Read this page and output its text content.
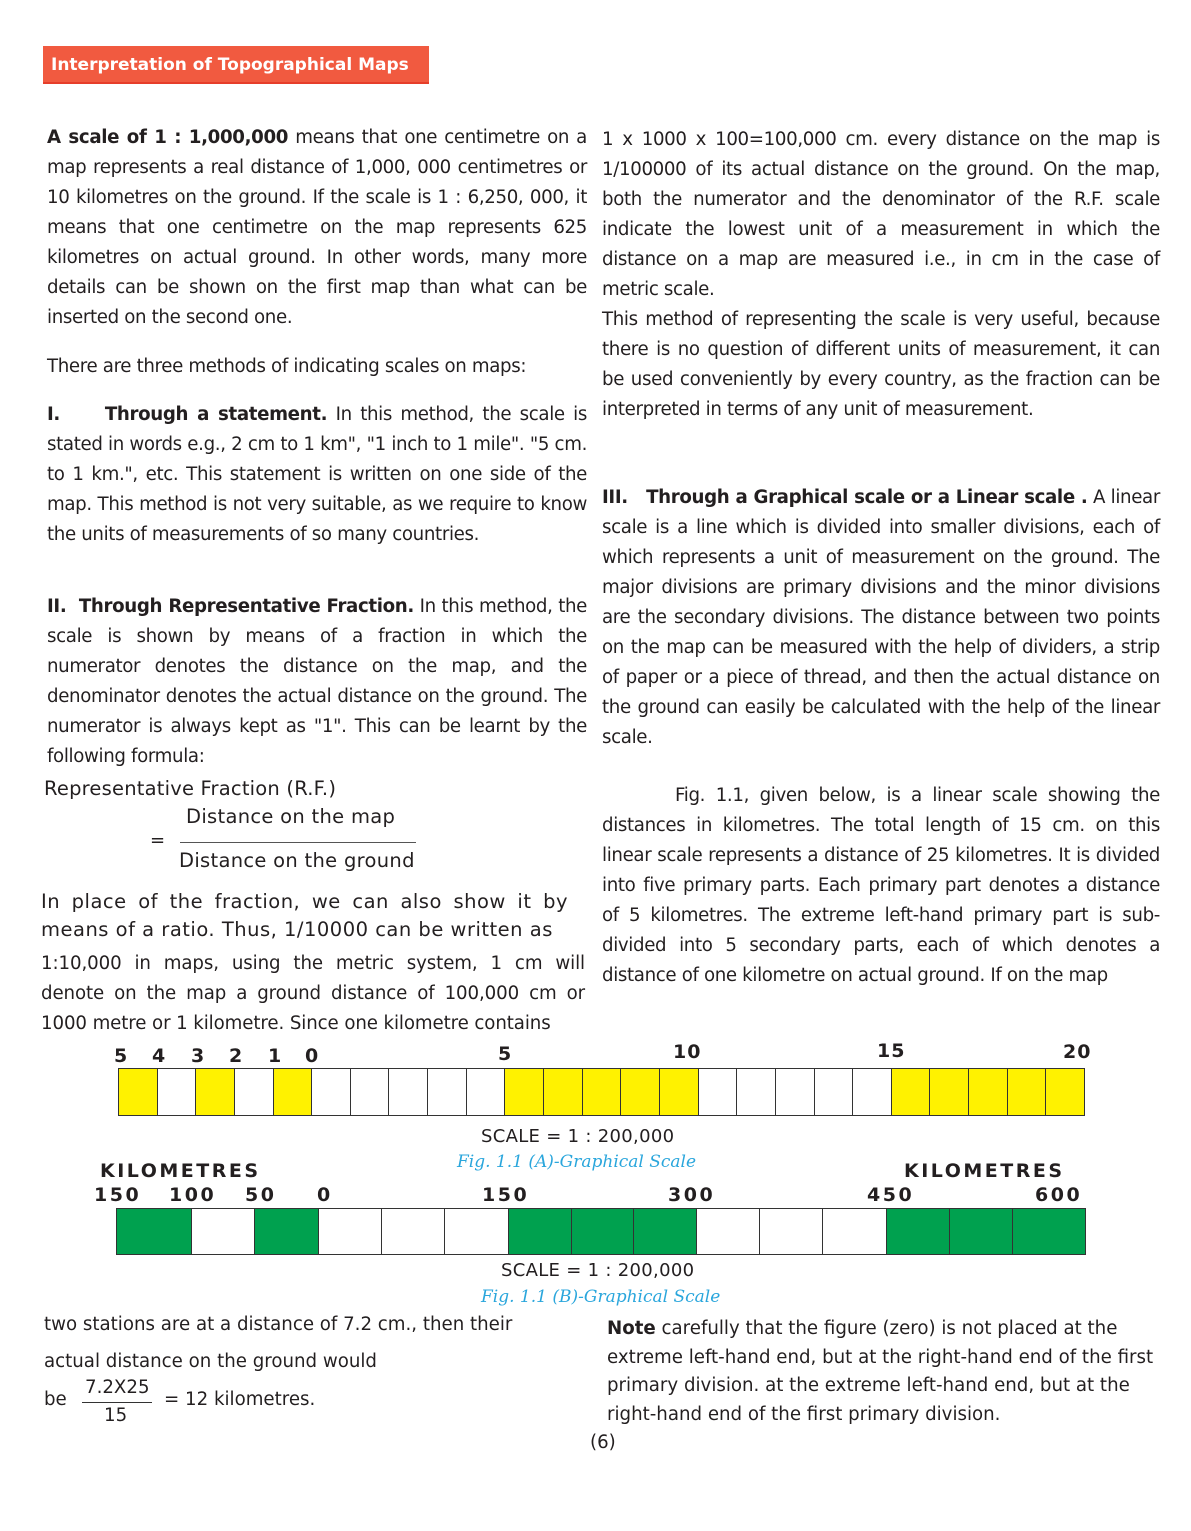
Interpretation of Topographical Maps

A scale of 1 : 1,000,000 means that one centimetre on a map represents a real distance of 1,000, 000 centimetres or 10 kilometres on the ground. If the scale is 1 : 6,250, 000, it means that one centimetre on the map represents 625 kilometres on actual ground. In other words, many more details can be shown on the first map than what can be inserted on the second one.

There are three methods of indicating scales on maps:

I.     Through a statement. In this method, the scale is stated in words e.g., 2 cm to 1 km", "1 inch to 1 mile". "5 cm. to 1 km.", etc. This statement is written on one side of the map. This method is not very suitable, as we require to know the units of measurements of so many countries.

II.  Through Representative Fraction. In this method, the scale is shown by means of a fraction in which the numerator denotes the distance on the map, and the denominator denotes the actual distance on the ground. The numerator is always kept as "1". This can be learnt by the following formula:

Representative Fraction (R.F.)
=
Distance on the map
Distance on the ground
In place of the fraction, we can also show it by means of a ratio. Thus, 1/10000 can be written as
1:10,000 in maps, using the metric system, 1 cm will denote on the map a ground distance of 100,000 cm or 1000 metre or 1 kilometre. Since one kilometre contains

1 x 1000 x 100=100,000 cm. every distance on the map is 1/100000 of its actual distance on the ground. On the map, both the numerator and the denominator of the R.F. scale indicate the lowest unit of a measurement in which the distance on a map are measured i.e., in cm in the case of metric scale.

This method of representing the scale is very useful, because there is no question of different units of measurement, it can be used conveniently by every country, as the fraction can be interpreted in terms of any unit of measurement.

III.   Through a Graphical scale or a Linear scale . A linear scale is a line which is divided into smaller divisions, each of which represents a unit of measurement on the ground. The major divisions are primary divisions and the minor divisions are the secondary divisions. The distance between two points on the map can be measured with the help of dividers, a strip of paper or a piece of thread, and then the actual distance on the ground can easily be calculated with the help of the linear scale.

Fig. 1.1, given below, is a linear scale showing the distances in kilometres. The total length of 15 cm. on this linear scale represents a distance of 25 kilometres. It is divided into five primary parts. Each primary part denotes a distance of 5 kilometres. The extreme left-hand primary part is sub-divided into 5 secondary parts, each of which denotes a distance of one kilometre on actual ground. If on the map

5 4 3 2 1 0	5	10	15	20
SCALE = 1 : 200,000
Fig. 1.1 (A)-Graphical Scale
KILOMETRES	KILOMETRES
150 100 50 0	150	300	450	600
SCALE = 1 : 200,000
Fig. 1.1 (B)-Graphical Scale
two stations are at a distance of 7.2 cm., then their
actual distance on the ground would
be
7.2X25
15
= 12 kilometres.
Note carefully that the figure (zero) is not placed at the extreme left-hand end, but at the right-hand end of the first primary division. at the extreme left-hand end, but at the right-hand end of the first primary division.
(6)
